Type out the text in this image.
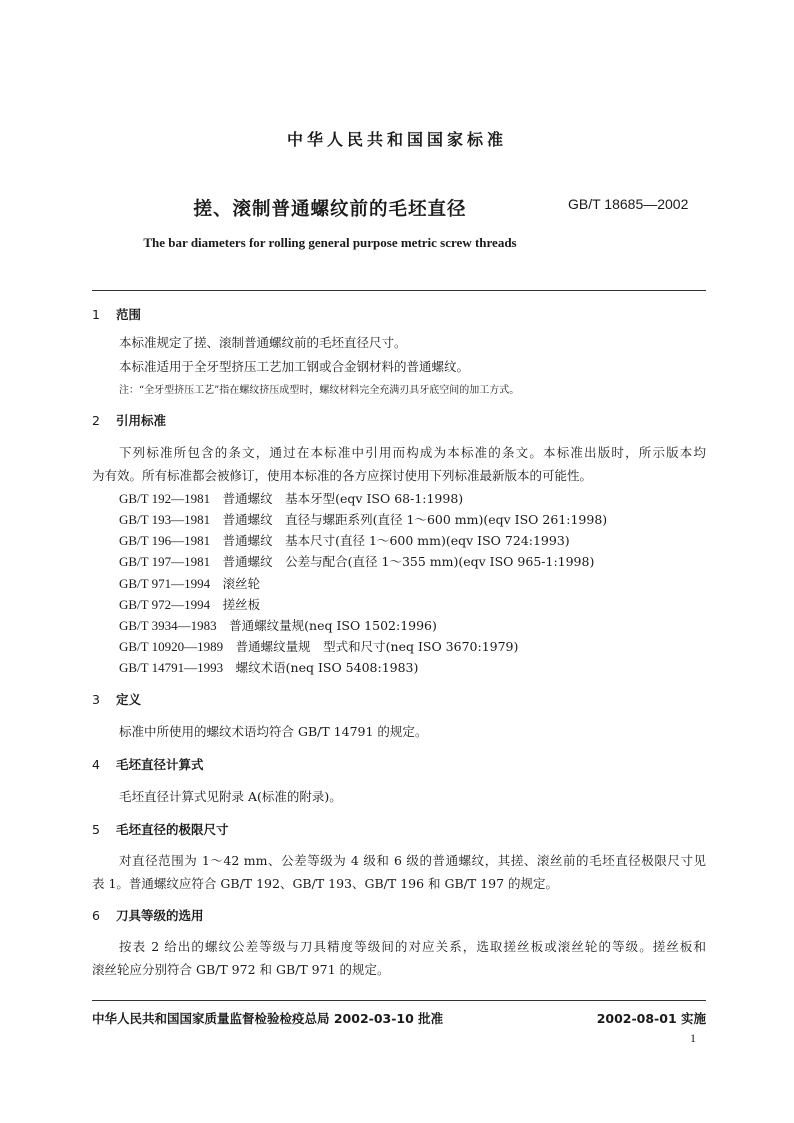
中华人民共和国国家标准
搓、滚制普通螺纹前的毛坯直径	GB/T 18685—2002
The bar diameters for rolling general purpose metric screw threads
1 范围
本标准规定了搓、滚制普通螺纹前的毛坯直径尺寸。
本标准适用于全牙型挤压工艺加工钢或合金钢材料的普通螺纹。
注：“全牙型挤压工艺”指在螺纹挤压成型时，螺纹材料完全充满刃具牙底空间的加工方式。
2 引用标准
下列标准所包含的条文，通过在本标准中引用而构成为本标准的条文。本标准出版时，所示版本均
为有效。所有标准都会被修订，使用本标准的各方应探讨使用下列标准最新版本的可能性。
GB/T 192—1981　 普通螺纹　基本牙型(eqv ISO 68-1:1998)
GB/T 193—1981　 普通螺纹　直径与螺距系列(直径 1～600 mm)(eqv ISO 261:1998)
GB/T 196—1981　 普通螺纹　基本尺寸(直径 1～600 mm)(eqv ISO 724:1993)
GB/T 197—1981　 普通螺纹　公差与配合(直径 1～355 mm)(eqv ISO 965-1:1998)
GB/T 971—1994　 滚丝轮
GB/T 972—1994　 搓丝板
GB/T 3934—1983　 普通螺纹量规(neq ISO 1502:1996)
GB/T 10920—1989　 普通螺纹量规　型式和尺寸(neq ISO 3670:1979)
GB/T 14791—1993　 螺纹术语(neq ISO 5408:1983)
3 定义
标准中所使用的螺纹术语均符合 GB/T 14791 的规定。
4 毛坯直径计算式
毛坯直径计算式见附录 A(标准的附录)。
5 毛坯直径的极限尺寸
对直径范围为 1～42 mm、公差等级为 4 级和 6 级的普通螺纹，其搓、滚丝前的毛坯直径极限尺寸见
表 1。普通螺纹应符合 GB/T 192、GB/T 193、GB/T 196 和 GB/T 197 的规定。
6 刀具等级的选用
按表 2 给出的螺纹公差等级与刀具精度等级间的对应关系，选取搓丝板或滚丝轮的等级。搓丝板和
滚丝轮应分别符合 GB/T 972 和 GB/T 971 的规定。
中华人民共和国国家质量监督检验检疫总局 2002-03-10 批准	2002-08-01 实施
1
